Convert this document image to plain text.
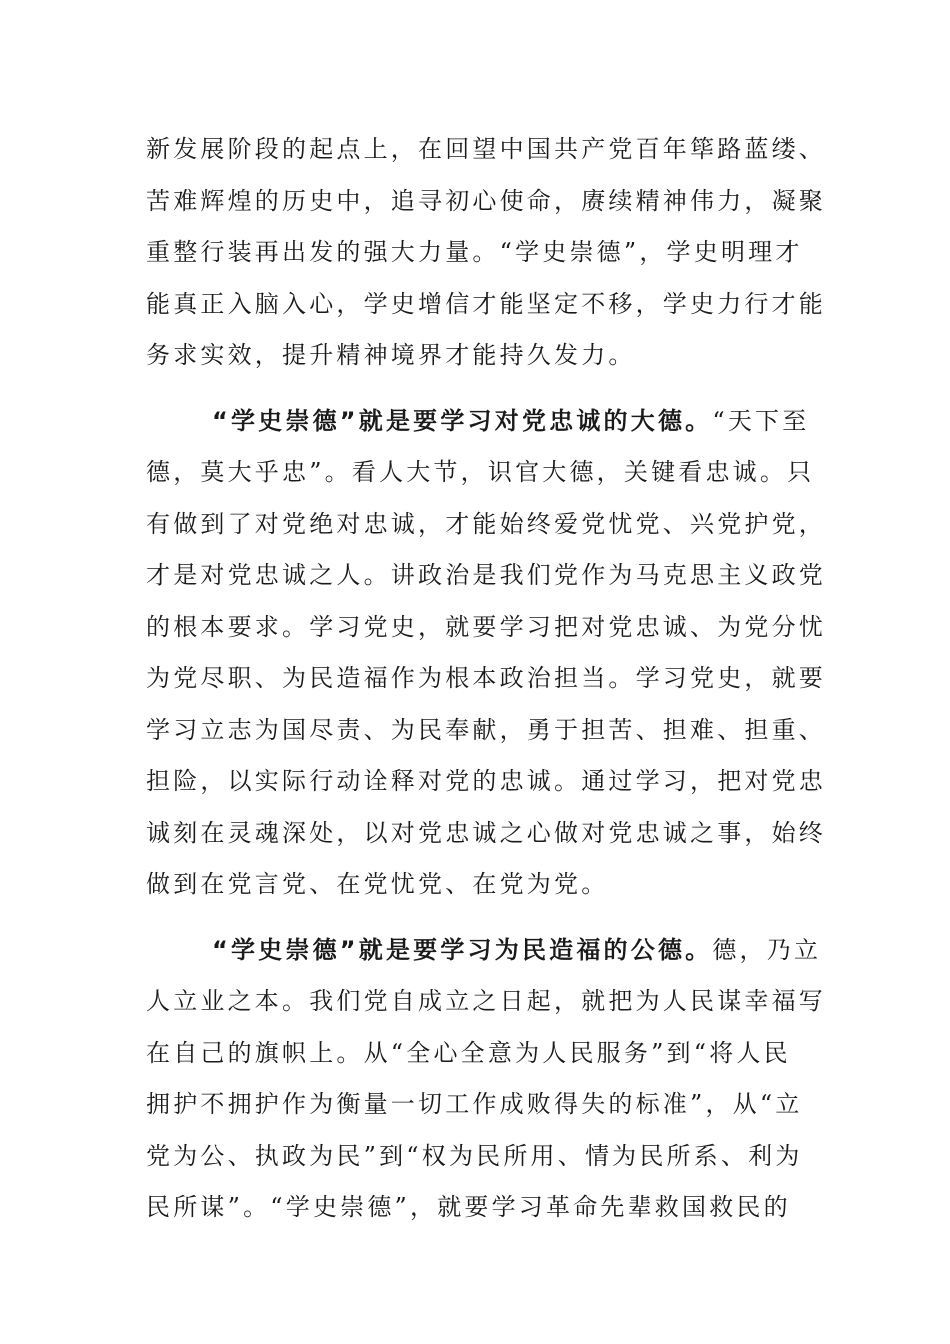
新发展阶段的起点上，在回望中国共产党百年筚路蓝缕、
苦难辉煌的历史中，追寻初心使命，赓续精神伟力，凝聚
重整行装再出发的强大力量。“学史崇德”，学史明理才
能真正入脑入心，学史增信才能坚定不移，学史力行才能
务求实效，提升精神境界才能持久发力。
“学史崇德”就是要学习对党忠诚的大德。“天下至
德，莫大乎忠”。看人大节，识官大德，关键看忠诚。只
有做到了对党绝对忠诚，才能始终爱党忧党、兴党护党，
才是对党忠诚之人。讲政治是我们党作为马克思主义政党
的根本要求。学习党史，就要学习把对党忠诚、为党分忧
为党尽职、为民造福作为根本政治担当。学习党史，就要
学习立志为国尽责、为民奉献，勇于担苦、担难、担重、
担险，以实际行动诠释对党的忠诚。通过学习，把对党忠
诚刻在灵魂深处，以对党忠诚之心做对党忠诚之事，始终
做到在党言党、在党忧党、在党为党。
“学史崇德”就是要学习为民造福的公德。德，乃立
人立业之本。我们党自成立之日起，就把为人民谋幸福写
在自己的旗帜上。从“全心全意为人民服务”到“将人民
拥护不拥护作为衡量一切工作成败得失的标准”，从“立
党为公、执政为民”到“权为民所用、情为民所系、利为
民所谋”。“学史崇德”，就要学习革命先辈救国救民的
